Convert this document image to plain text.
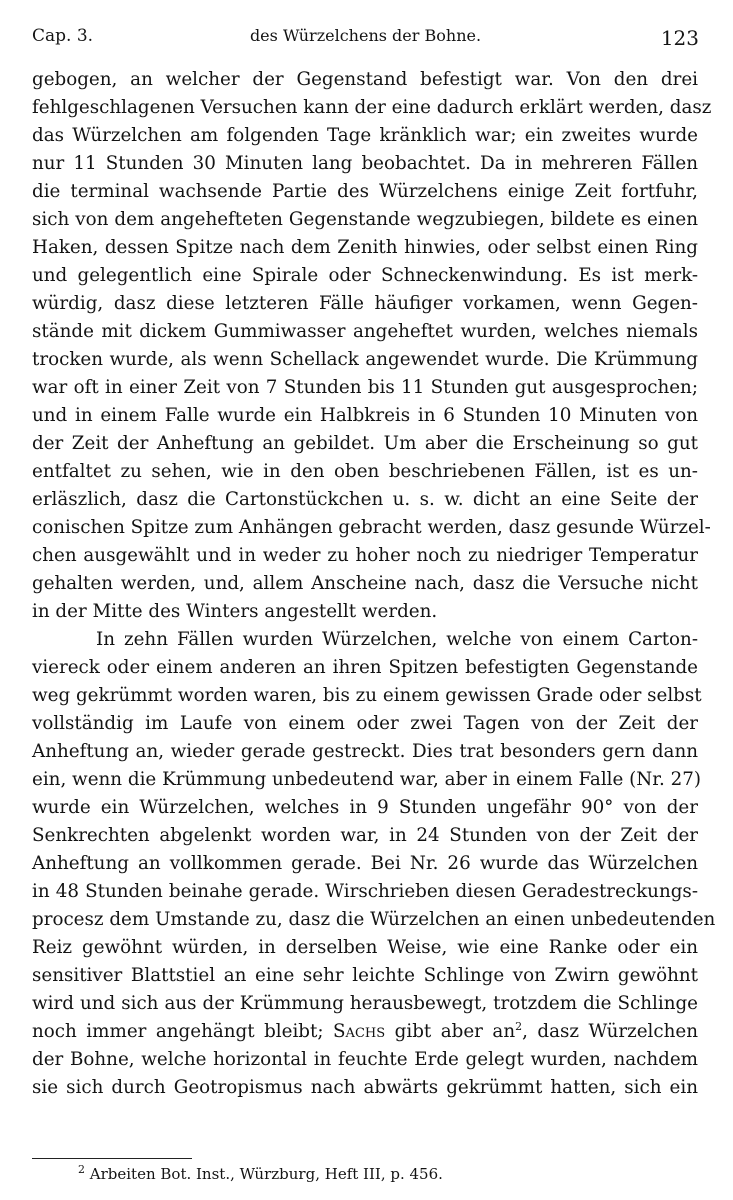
Cap. 3.	des Würzelchens der Bohne.	123
gebogen, an welcher der Gegenstand befestigt war. Von den drei
fehlgeschlagenen Versuchen kann der eine dadurch erklärt werden, dasz
das Würzelchen am folgenden Tage kränklich war; ein zweites wurde
nur 11 Stunden 30 Minuten lang beobachtet. Da in mehreren Fällen
die terminal wachsende Partie des Würzelchens einige Zeit fortfuhr,
sich von dem angehefteten Gegenstande wegzubiegen, bildete es einen
Haken, dessen Spitze nach dem Zenith hinwies, oder selbst einen Ring
und gelegentlich eine Spirale oder Schneckenwindung. Es ist merk-
würdig, dasz diese letzteren Fälle häufiger vorkamen, wenn Gegen-
stände mit dickem Gummiwasser angeheftet wurden, welches niemals
trocken wurde, als wenn Schellack angewendet wurde. Die Krümmung
war oft in einer Zeit von 7 Stunden bis 11 Stunden gut ausgesprochen;
und in einem Falle wurde ein Halbkreis in 6 Stunden 10 Minuten von
der Zeit der Anheftung an gebildet. Um aber die Erscheinung so gut
entfaltet zu sehen, wie in den oben beschriebenen Fällen, ist es un-
erläszlich, dasz die Cartonstückchen u. s. w. dicht an eine Seite der
conischen Spitze zum Anhängen gebracht werden, dasz gesunde Würzel-
chen ausgewählt und in weder zu hoher noch zu niedriger Temperatur
gehalten werden, und, allem Anscheine nach, dasz die Versuche nicht
in der Mitte des Winters angestellt werden.
In zehn Fällen wurden Würzelchen, welche von einem Carton-
viereck oder einem anderen an ihren Spitzen befestigten Gegenstande
weg gekrümmt worden waren, bis zu einem gewissen Grade oder selbst
vollständig im Laufe von einem oder zwei Tagen von der Zeit der
Anheftung an, wieder gerade gestreckt. Dies trat besonders gern dann
ein, wenn die Krümmung unbedeutend war, aber in einem Falle (Nr. 27)
wurde ein Würzelchen, welches in 9 Stunden ungefähr 90° von der
Senkrechten abgelenkt worden war, in 24 Stunden von der Zeit der
Anheftung an vollkommen gerade. Bei Nr. 26 wurde das Würzelchen
in 48 Stunden beinahe gerade. Wirschrieben diesen Geradestreckungs-
procesz dem Umstande zu, dasz die Würzelchen an einen unbedeutenden
Reiz gewöhnt würden, in derselben Weise, wie eine Ranke oder ein
sensitiver Blattstiel an eine sehr leichte Schlinge von Zwirn gewöhnt
wird und sich aus der Krümmung herausbewegt, trotzdem die Schlinge
noch immer angehängt bleibt; Sachs gibt aber $an^2$, dasz Würzelchen
der Bohne, welche horizontal in feuchte Erde gelegt wurden, nachdem
sie sich durch Geotropismus nach abwärts gekrümmt hatten, sich ein
$^2$ Arbeiten Bot. Inst., Würzburg, Heft III, p. 456.
